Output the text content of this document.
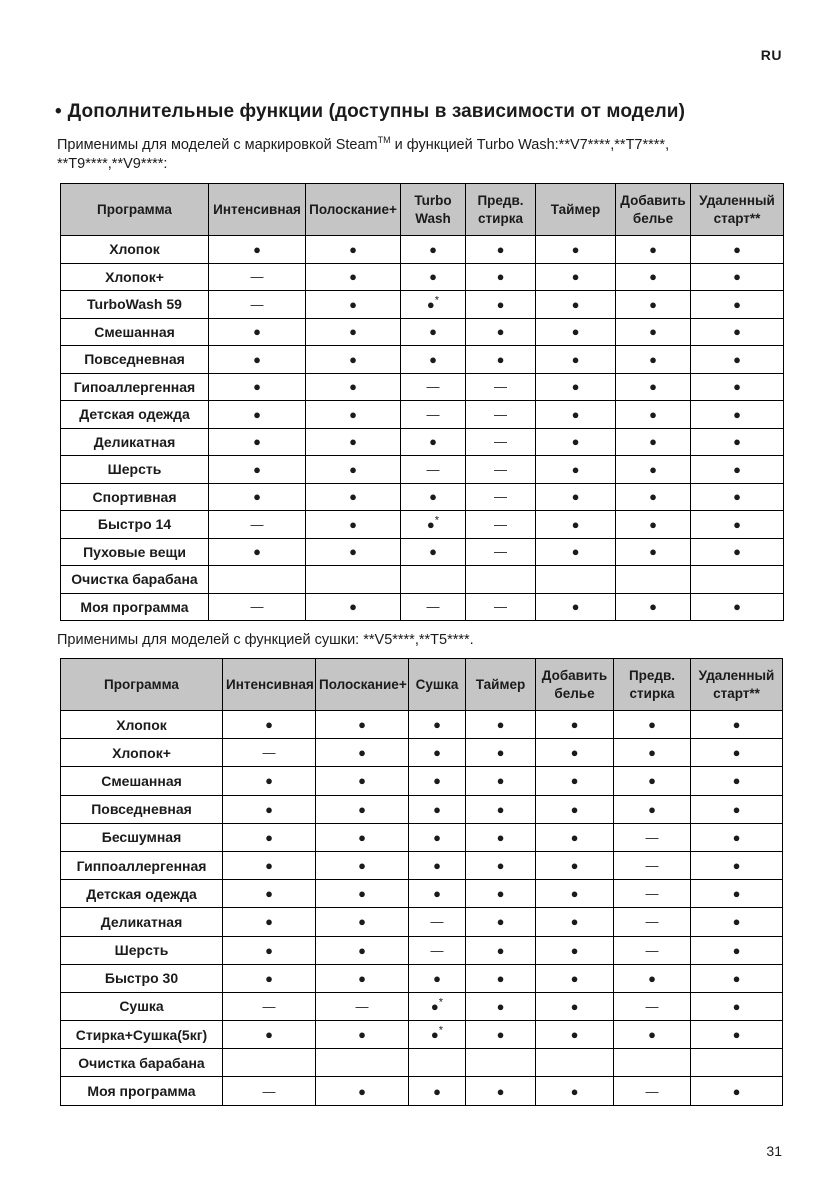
RU
• Дополнительные функции (доступны в зависимости от модели)
Применимы для моделей с маркировкой Steam™ и функцией Turbo Wash:**V7****,**T7****,
**T9****,**V9****:
Программа	Интенсивная	Полоскание+	Turbo Wash	Предв. стирка	Таймер	Добавить белье	Удаленный старт**
Хлопок	●	●	●	●	●	●	●
Хлопок+	—	●	●	●	●	●	●
TurboWash 59	—	●	●*	●	●	●	●
Смешанная	●	●	●	●	●	●	●
Повседневная	●	●	●	●	●	●	●
Гипоаллергенная	●	●	—	—	●	●	●
Детская одежда	●	●	—	—	●	●	●
Деликатная	●	●	●	—	●	●	●
Шерсть	●	●	—	—	●	●	●
Спортивная	●	●	●	—	●	●	●
Быстро 14	—	●	●*	—	●	●	●
Пуховые вещи	●	●	●	—	●	●	●
Очистка барабана							
Моя программа	—	●	—	—	●	●	●
Применимы для моделей с функцией сушки: **V5****,**T5****.
Программа	Интенсивная	Полоскание+	Сушка	Таймер	Добавить белье	Предв. стирка	Удаленный старт**
Хлопок	●	●	●	●	●	●	●
Хлопок+	—	●	●	●	●	●	●
Смешанная	●	●	●	●	●	●	●
Повседневная	●	●	●	●	●	●	●
Бесшумная	●	●	●	●	●	—	●
Гиппоаллергенная	●	●	●	●	●	—	●
Детская одежда	●	●	●	●	●	—	●
Деликатная	●	●	—	●	●	—	●
Шерсть	●	●	—	●	●	—	●
Быстро 30	●	●	●	●	●	●	●
Сушка	—	—	●*	●	●	—	●
Стирка+Сушка(5кг)	●	●	●*	●	●	●	●
Очистка барабана							
Моя программа	—	●	●	●	●	—	●
31
